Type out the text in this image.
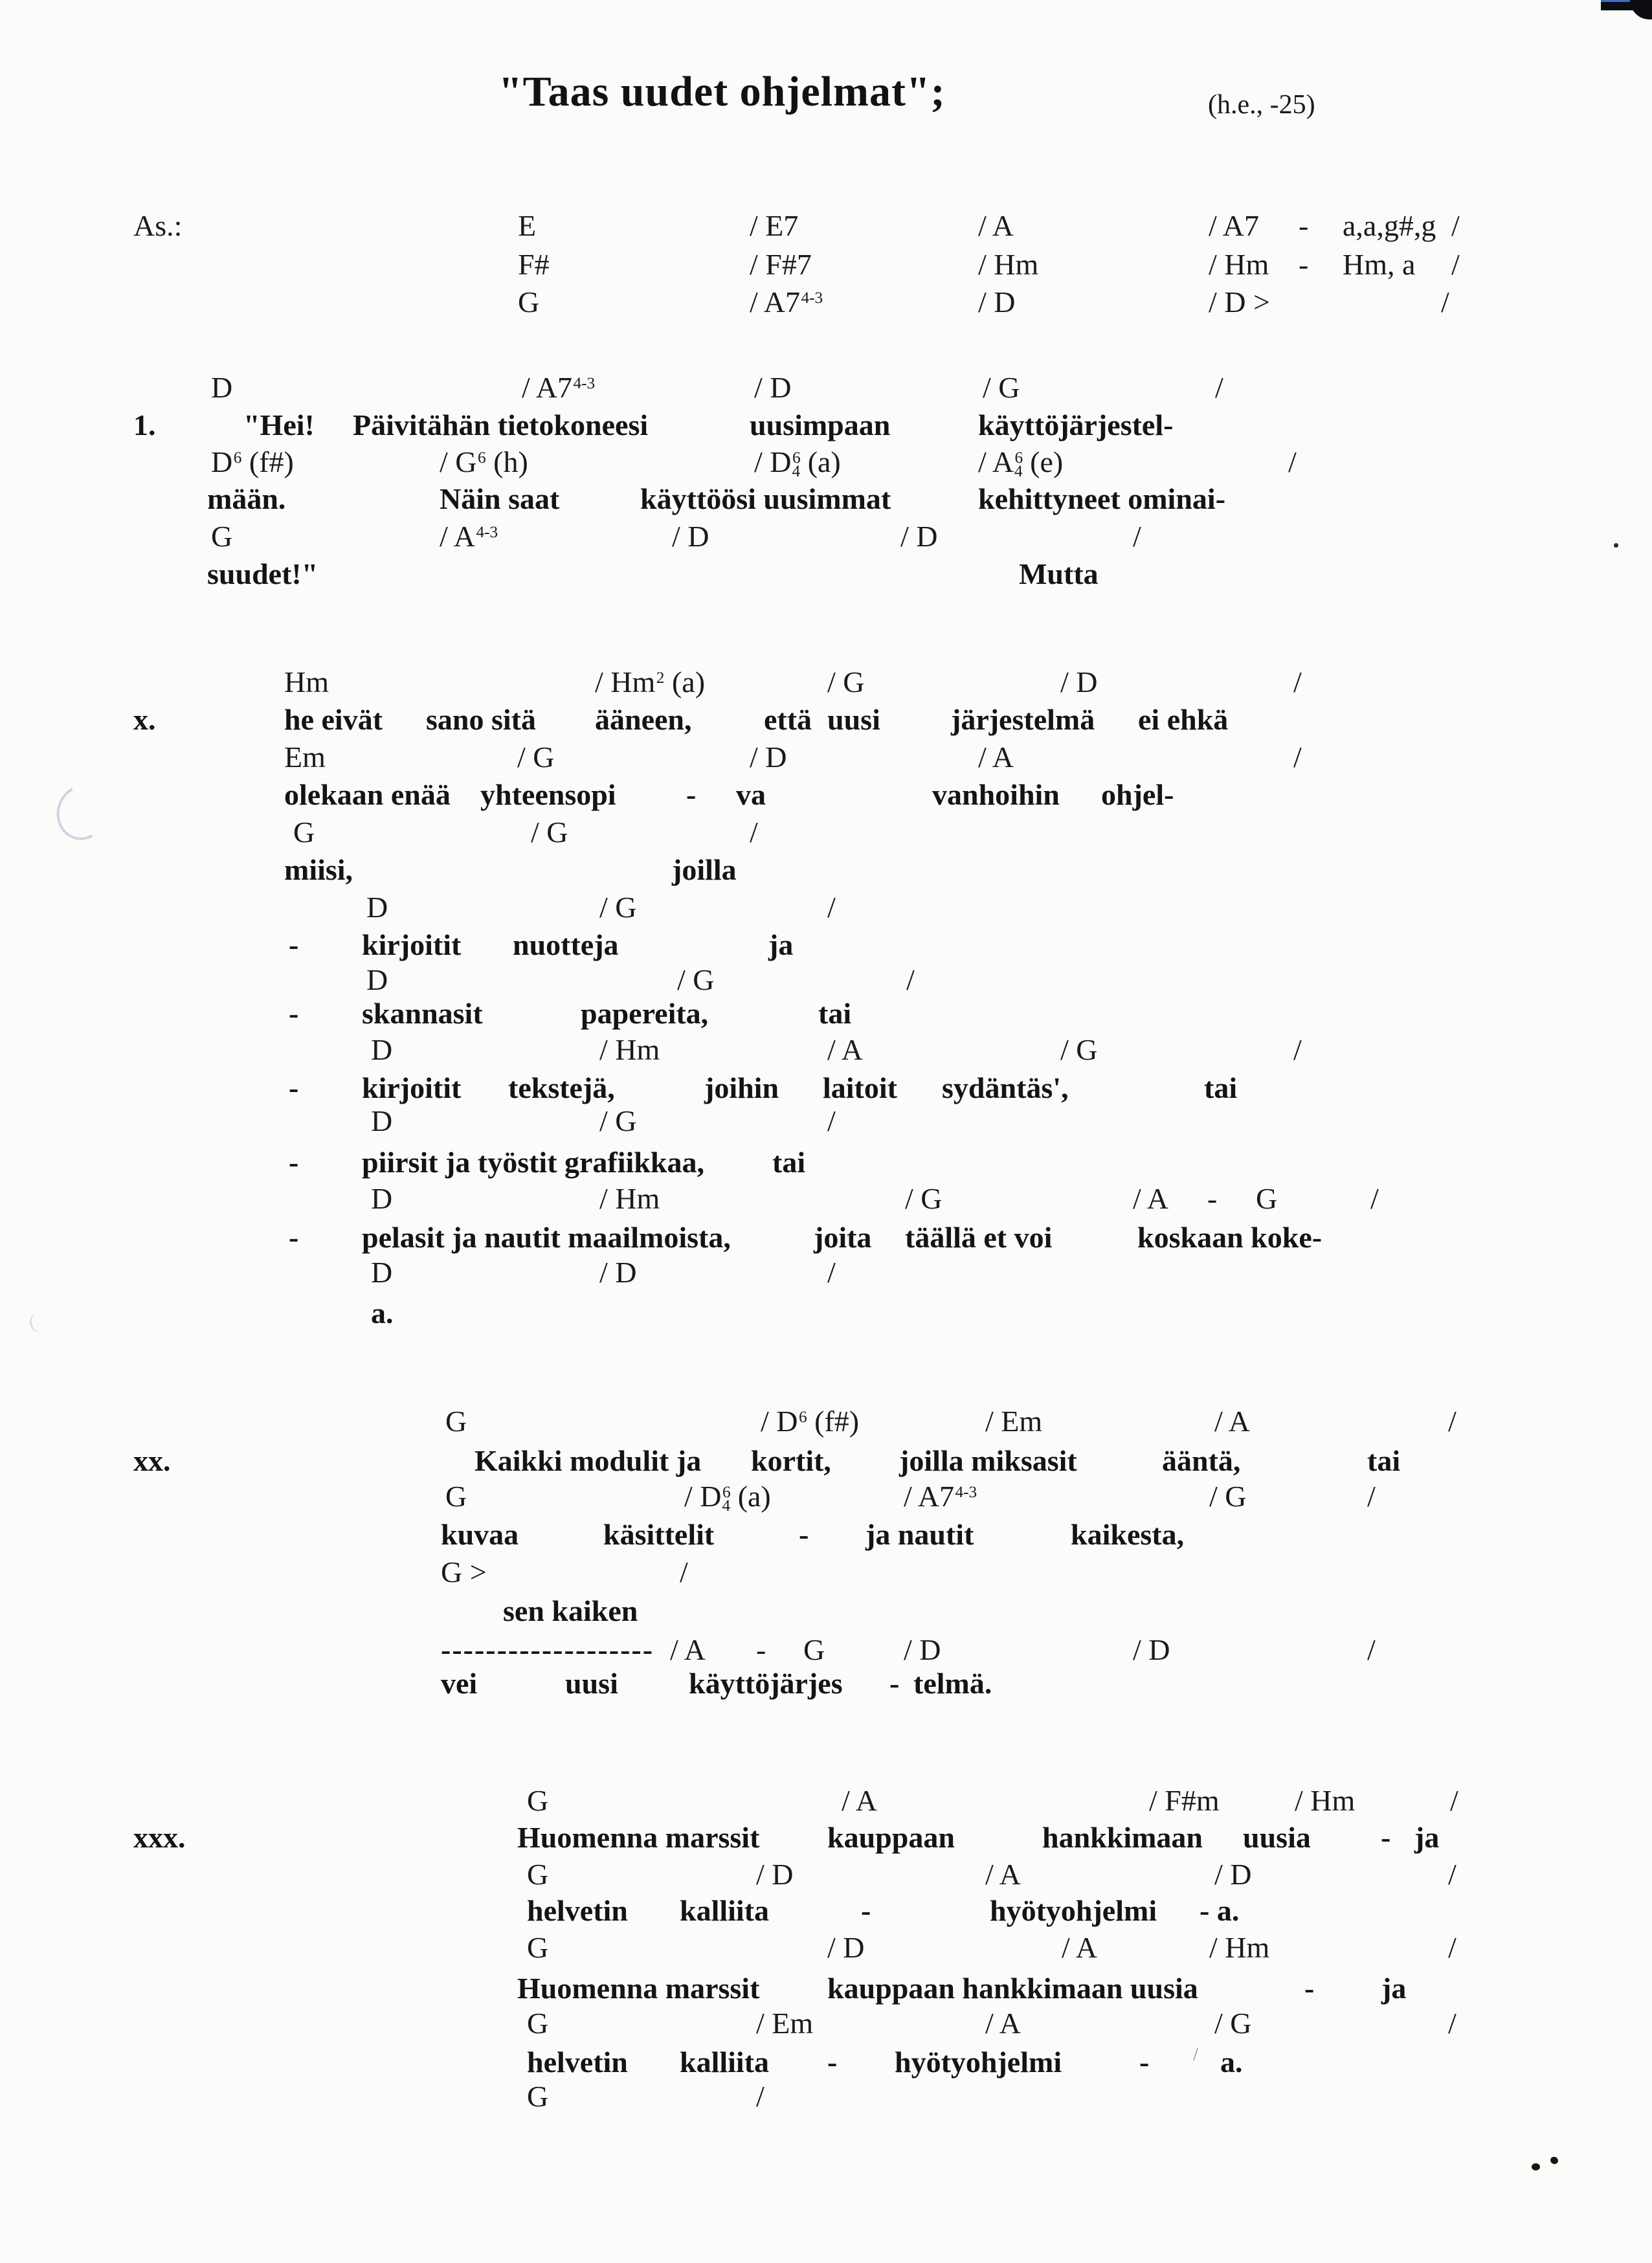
"Taas uudet ohjelmat";	(h.e., -25)
As.:	E	/ E7	/ A	/ A7 - a,a,g#,g /
F#	/ F#7	/ Hm	/ Hm - Hm, a /
G	/ A7$^{4-3}$	/ D	/ D >	/
D	/ A7$^{4-3}$	/ D	/ G	/
1.	"Hei! Päivitähän tietokoneesi	uusimpaan	käyttöjärjestel-
$D^6$ (f#)	/ $G^6$ (h)	/ $D^6_4$ (a)	/ $A^6_4$ (e)	/
mään.	Näin saat	käyttöösi uusimmat	kehittyneet ominai-
G	/ $A^{4-3}$	/ D	/ D	/
suudet!"	Mutta
Hm	/ Hm$^2$ (a)	/ G	/ D	/
x.	he eivät sano sitä ääneen, että uusi järjestelmä ei ehkä
Em	/ G	/ D	/ A	/
olekaan enää yhteensopi - va	vanhoihin ohjel-
G	/ G	/
miisi,	joilla
D	/ G	/
- kirjoitit nuotteja	ja
D	/ G	/
- skannasit	papereita,	tai
D	/ Hm	/ A	/ G	/
- kirjoitit tekstejä,	joihin laitoit sydäntäs',	tai
D	/ G	/
- piirsit ja työstit grafiikkaa, tai
D	/ Hm	/ G	/ A - G	/
- pelasit ja nautit maailmoista,	joita täällä et voi	koskaan koke-
D	/ D	/
a.
G	/ $D^6$ (f#)	/ Em	/ A	/
xx.	Kaikki modulit ja kortit, joilla miksasit	ääntä,	tai
G	/ $D^6_4$ (a)	/ A7$^{4-3}$	/ G	/
kuvaa	käsittelit	- ja nautit	kaikesta,
G >	/
sen kaiken
------------------- / A - G	/ D	/ D	/
vei	uusi käyttöjärjes - telmä.
G	/ A	/ F#m	/ Hm	/
xxx.	Huomenna marssit kauppaan	hankkimaan uusia - ja
G	/ D	/ A	/ D	/
helvetin kalliita	-	hyötyohjelmi - a.
G	/ D	/ A	/ Hm	/
Huomenna marssit kauppaan hankkimaan uusia	- ja
G	/ Em	/ A	/ G	/
helvetin kalliita - hyötyohjelmi	- / a.
G	/
